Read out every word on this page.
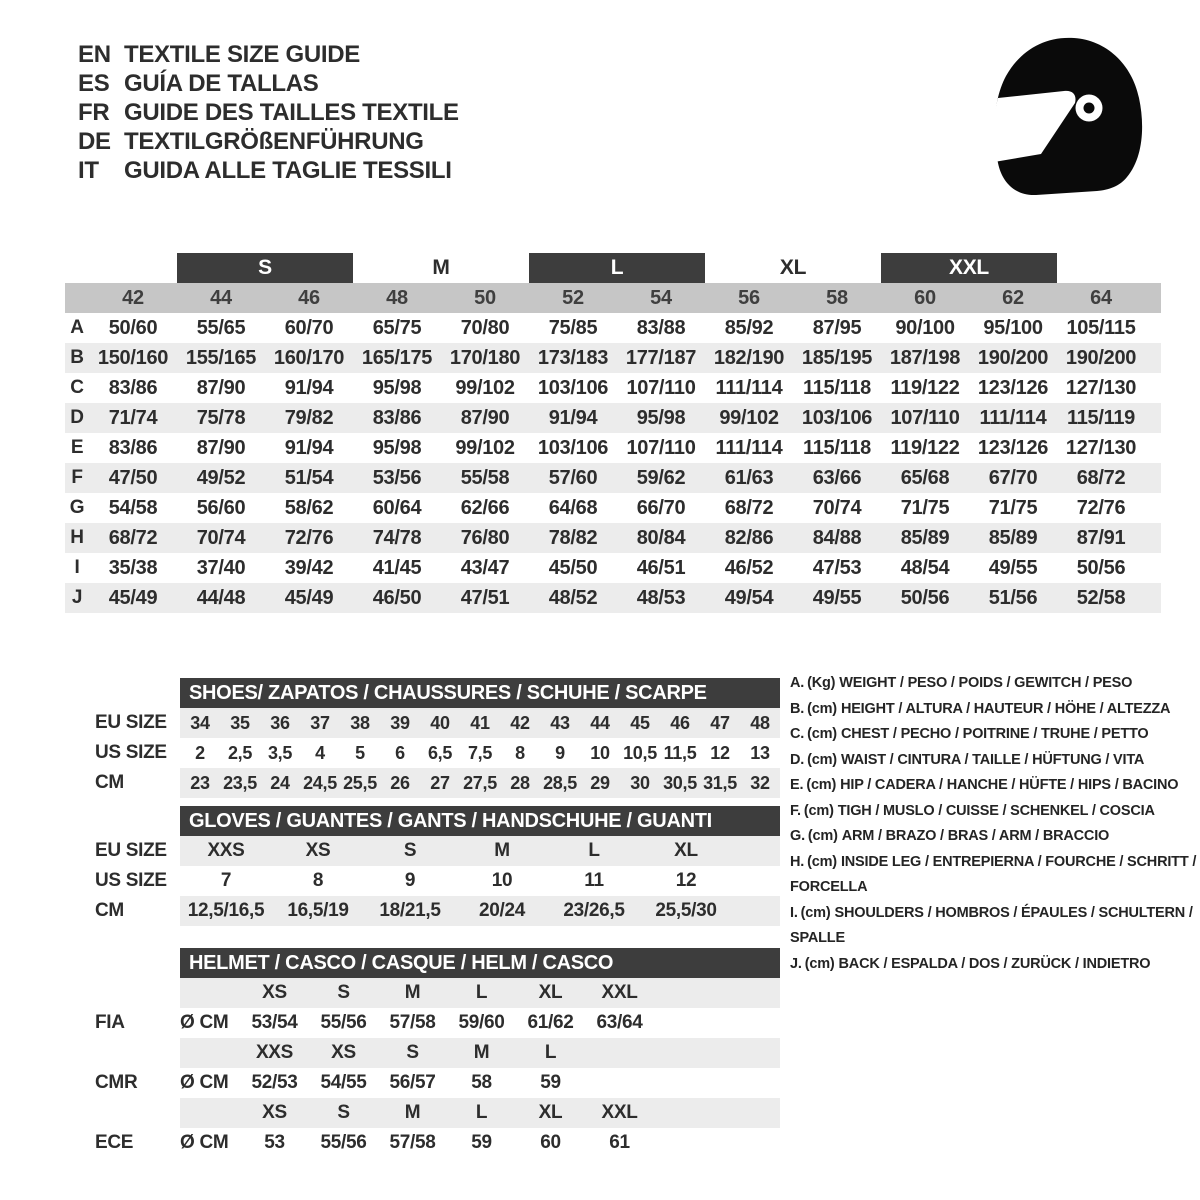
EN TEXTILE SIZE GUIDE
ES GUÍA DE TALLAS
FR GUIDE DES TAILLES TEXTILE
DE TEXTILGRÖßENFÜHRUNG
IT	GUIDA ALLE TAGLIE TESSILI
S	M	L	XL	XXL
42	44	46	48	50	52	54	56	58	60	62	64
A	50/60	55/65	60/70	65/75	70/80	75/85	83/88	85/92	87/95	90/100	95/100	105/115
B 150/160 155/165 160/170 165/175 170/180 173/183 177/187 182/190 185/195 187/198 190/200 190/200
C	83/86	87/90	91/94	95/98	99/102	103/106 107/110	111/114	115/118 119/122 123/126 127/130
D	71/74	75/78	79/82	83/86	87/90	91/94	95/98	99/102	103/106 107/110	111/114	115/119
E	83/86	87/90	91/94	95/98	99/102	103/106 107/110	111/114	115/118 119/122 123/126 127/130
F	47/50	49/52	51/54	53/56	55/58	57/60	59/62	61/63	63/66	65/68	67/70	68/72
G	54/58	56/60	58/62	60/64	62/66	64/68	66/70	68/72	70/74	71/75	71/75	72/76
H	68/72	70/74	72/76	74/78	76/80	78/82	80/84	82/86	84/88	85/89	85/89	87/91
I	35/38	37/40	39/42	41/45	43/47	45/50	46/51	46/52	47/53	48/54	49/55	50/56
J	45/49	44/48	45/49	46/50	47/51	48/52	48/53	49/54	49/55	50/56	51/56	52/58
SHOES/ ZAPATOS / CHAUSSURES / SCHUHE / SCARPE
EU SIZE	34	35	36	37	38	39	40	41	42	43	44	45	46	47	48
US SIZE	2	2,5 3,5	4	5	6	6,5 7,5	8	9	10 10,5 11,5 12	13
CM	23 23,5 24 24,5 25,5 26	27 27,5 28 28,5 29	30 30,5 31,5 32
GLOVES / GUANTES / GANTS / HANDSCHUHE / GUANTI
EU SIZE	XXS	XS	S	M	L	XL
US SIZE	7	8	9	10	11	12
CM	12,5/16,5	16,5/19	18/21,5	20/24	23/26,5	25,5/30
HELMET / CASCO / CASQUE / HELM / CASCO
XS	S	M	L	XL	XXL
FIA	Ø CM	53/54	55/56	57/58	59/60	61/62	63/64
XXS	XS	S	M	L
CMR	Ø CM	52/53	54/55	56/57	58	59
XS	S	M	L	XL	XXL
ECE	Ø CM	53	55/56	57/58	59	60	61
A. (Kg) WEIGHT / PESO / POIDS / GEWITCH / PESO
B. (cm) HEIGHT / ALTURA / HAUTEUR / HÖHE / ALTEZZA
C. (cm) CHEST / PECHO / POITRINE / TRUHE / PETTO
D. (cm) WAIST / CINTURA / TAILLE / HÜFTUNG / VITA
E. (cm) HIP / CADERA / HANCHE / HÜFTE / HIPS / BACINO
F. (cm) TIGH / MUSLO / CUISSE / SCHENKEL / COSCIA
G. (cm) ARM / BRAZO / BRAS / ARM / BRACCIO
H. (cm) INSIDE LEG / ENTREPIERNA / FOURCHE / SCHRITT / FORCELLA
I. (cm) SHOULDERS / HOMBROS / ÉPAULES / SCHULTERN / SPALLE
J. (cm) BACK / ESPALDA / DOS / ZURÜCK / INDIETRO
